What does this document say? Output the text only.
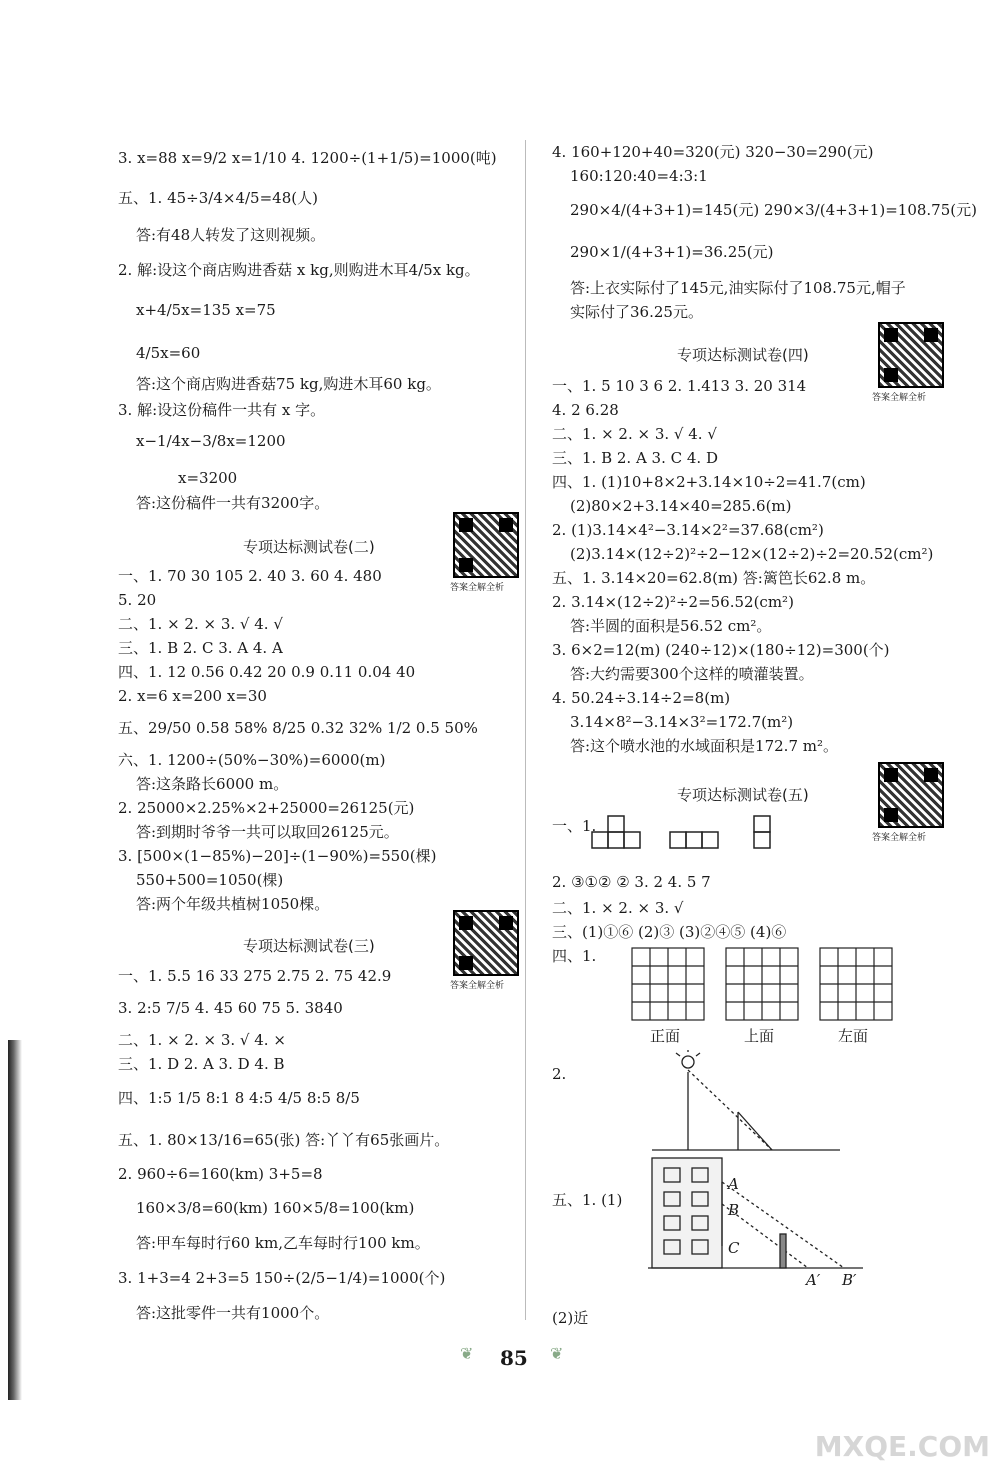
3. x=88 x=9/2 x=1/10 4. 1200÷(1+1/5)=1000(吨)
五、1. 45÷3/4×4/5=48(人)
答:有48人转发了这则视频。
2. 解:设这个商店购进香菇 x kg,则购进木耳4/5x kg。
x+4/5x=135 x=75
4/5x=60
答:这个商店购进香菇75 kg,购进木耳60 kg。
3. 解:设这份稿件一共有 x 字。
x−1/4x−3/8x=1200
x=3200
答:这份稿件一共有3200字。
专项达标测试卷(二)
答案全解全析
一、1. 70 30 105 2. 40 3. 60 4. 480
5. 20
二、1. × 2. × 3. √ 4. √
三、1. B 2. C 3. A 4. A
四、1. 12 0.56 0.42 20 0.9 0.11 0.04 40
2. x=6 x=200 x=30
五、29/50 0.58 58% 8/25 0.32 32% 1/2 0.5 50%
六、1. 1200÷(50%−30%)=6000(m)
答:这条路长6000 m。
2. 25000×2.25%×2+25000=26125(元)
答:到期时爷爷一共可以取回26125元。
3. [500×(1−85%)−20]÷(1−90%)=550(棵)
550+500=1050(棵)
答:两个年级共植树1050棵。
专项达标测试卷(三)
答案全解全析
一、1. 5.5 16 33 275 2.75 2. 75 42.9
3. 2:5 7/5 4. 45 60 75 5. 3840
二、1. × 2. × 3. √ 4. ×
三、1. D 2. A 3. D 4. B
四、1:5 1/5 8:1 8 4:5 4/5 8:5 8/5
五、1. 80×13/16=65(张) 答:丫丫有65张画片。
2. 960÷6=160(km) 3+5=8
160×3/8=60(km) 160×5/8=100(km)
答:甲车每时行60 km,乙车每时行100 km。
3. 1+3=4 2+3=5 150÷(2/5−1/4)=1000(个)
答:这批零件一共有1000个。
4. 160+120+40=320(元) 320−30=290(元)
160:120:40=4:3:1
290×4/(4+3+1)=145(元) 290×3/(4+3+1)=108.75(元)
290×1/(4+3+1)=36.25(元)
答:上衣实际付了145元,油实际付了108.75元,帽子
实际付了36.25元。
专项达标测试卷(四)
答案全解全析
一、1. 5 10 3 6 2. 1.413 3. 20 314
4. 2 6.28
二、1. × 2. × 3. √ 4. √
三、1. B 2. A 3. C 4. D
四、1. (1)10+8×2+3.14×10÷2=41.7(cm)
(2)80×2+3.14×40=285.6(m)
2. (1)3.14×4²−3.14×2²=37.68(cm²)
(2)3.14×(12÷2)²÷2−12×(12÷2)÷2=20.52(cm²)
五、1. 3.14×20=62.8(m) 答:篱笆长62.8 m。
2. 3.14×(12÷2)²÷2=56.52(cm²)
答:半圆的面积是56.52 cm²。
3. 6×2=12(m) (240÷12)×(180÷12)=300(个)
答:大约需要300个这样的喷灌装置。
4. 50.24÷3.14÷2=8(m)
3.14×8²−3.14×3²=172.7(m²)
答:这个喷水池的水域面积是172.7 m²。
专项达标测试卷(五)
答案全解全析
一、1.
2. ③①② ② 3. 2 4. 5 7
二、1. × 2. × 3. √
三、(1)①⑥ (2)③ (3)②④⑤ (4)⑥
四、1.
正面	上面	左面
2.
五、1. (1)
A
B
C
A′ B′
(2)近
❦ 85 ❦
MXQE.COM
